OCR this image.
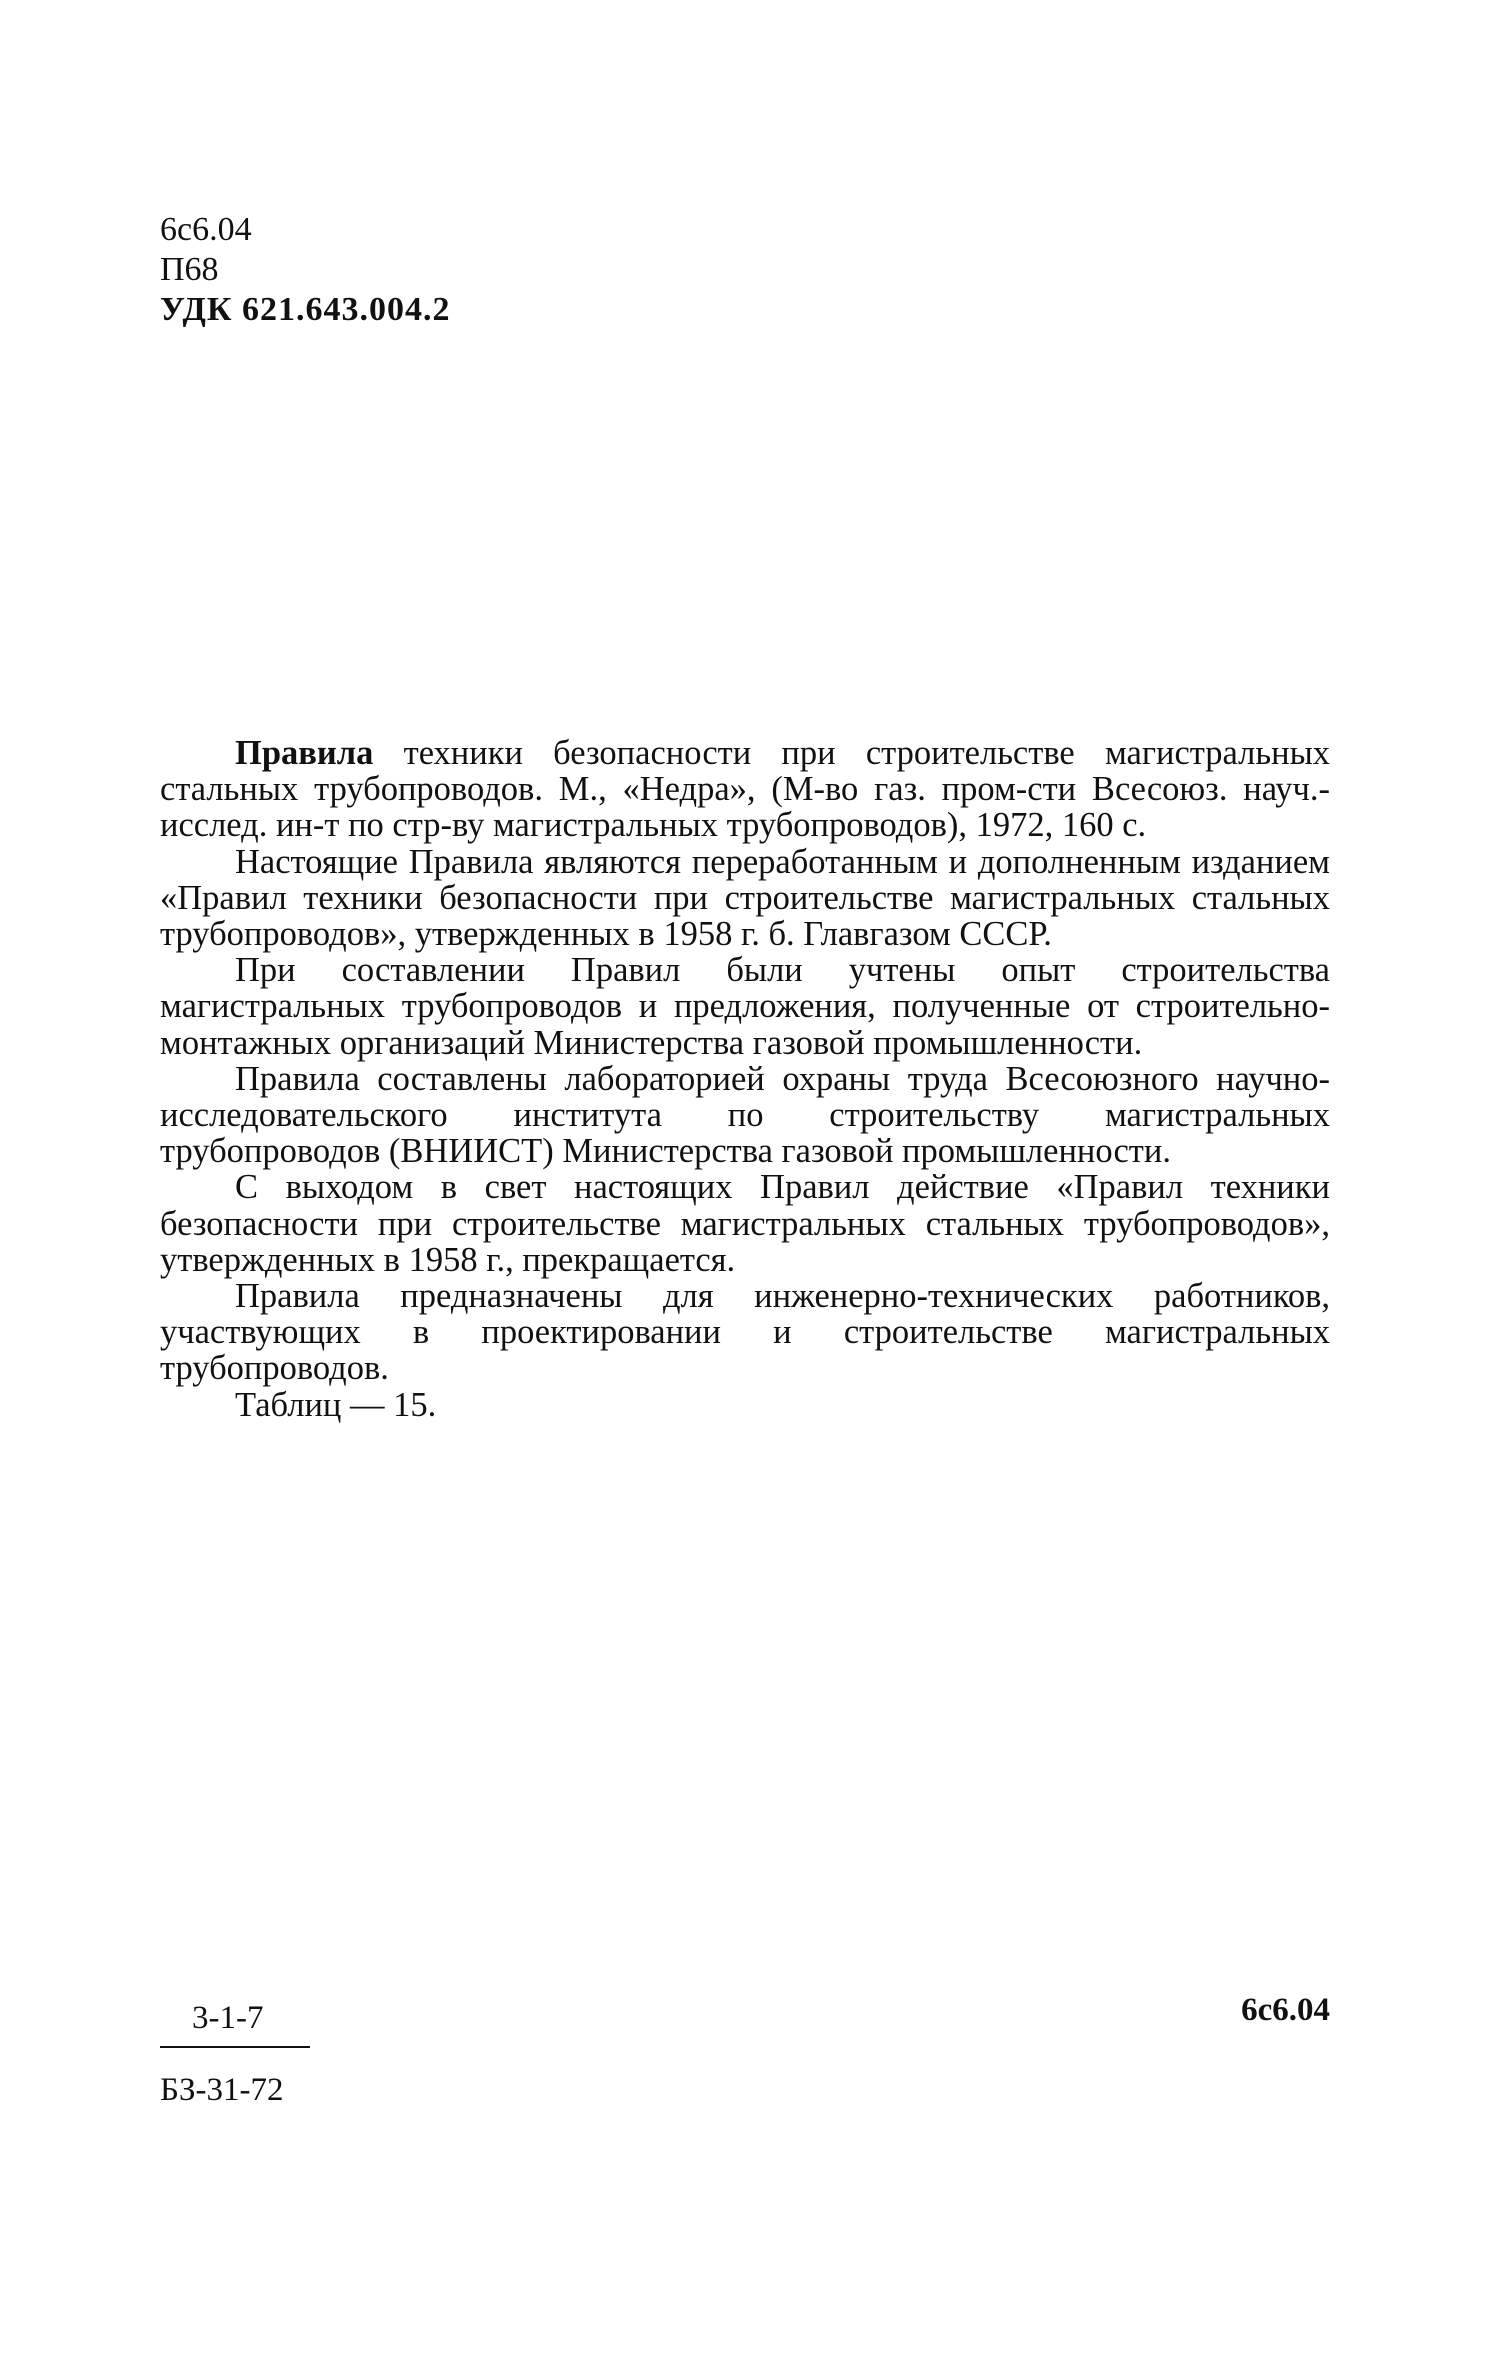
6с6.04
П68
УДК 621.643.004.2

Правила техники безопасности при строительстве магистральных стальных трубопроводов. М., «Недра», (М-во газ. пром-сти Всесоюз. науч.-исслед. ин-т по стр-ву магистральных трубопроводов), 1972, 160 с.

Настоящие Правила являются переработанным и дополненным изданием «Правил техники безопасности при строительстве магистральных стальных трубопроводов», утвержденных в 1958 г. б. Главгазом СССР.

При составлении Правил были учтены опыт строительства магистральных трубопроводов и предложения, полученные от строительно-монтажных организаций Министерства газовой промышленности.

Правила составлены лабораторией охраны труда Всесоюзного научно-исследовательского института по строительству магистральных трубопроводов (ВНИИСТ) Министерства газовой промышленности.

С выходом в свет настоящих Правил действие «Правил техники безопасности при строительстве магистральных стальных трубопроводов», утвержденных в 1958 г., прекращается.

Правила предназначены для инженерно-технических работников, участвующих в проектировании и строительстве магистральных трубопроводов.

Таблиц — 15.

3-1-7
БЗ-31-72
6с6.04
